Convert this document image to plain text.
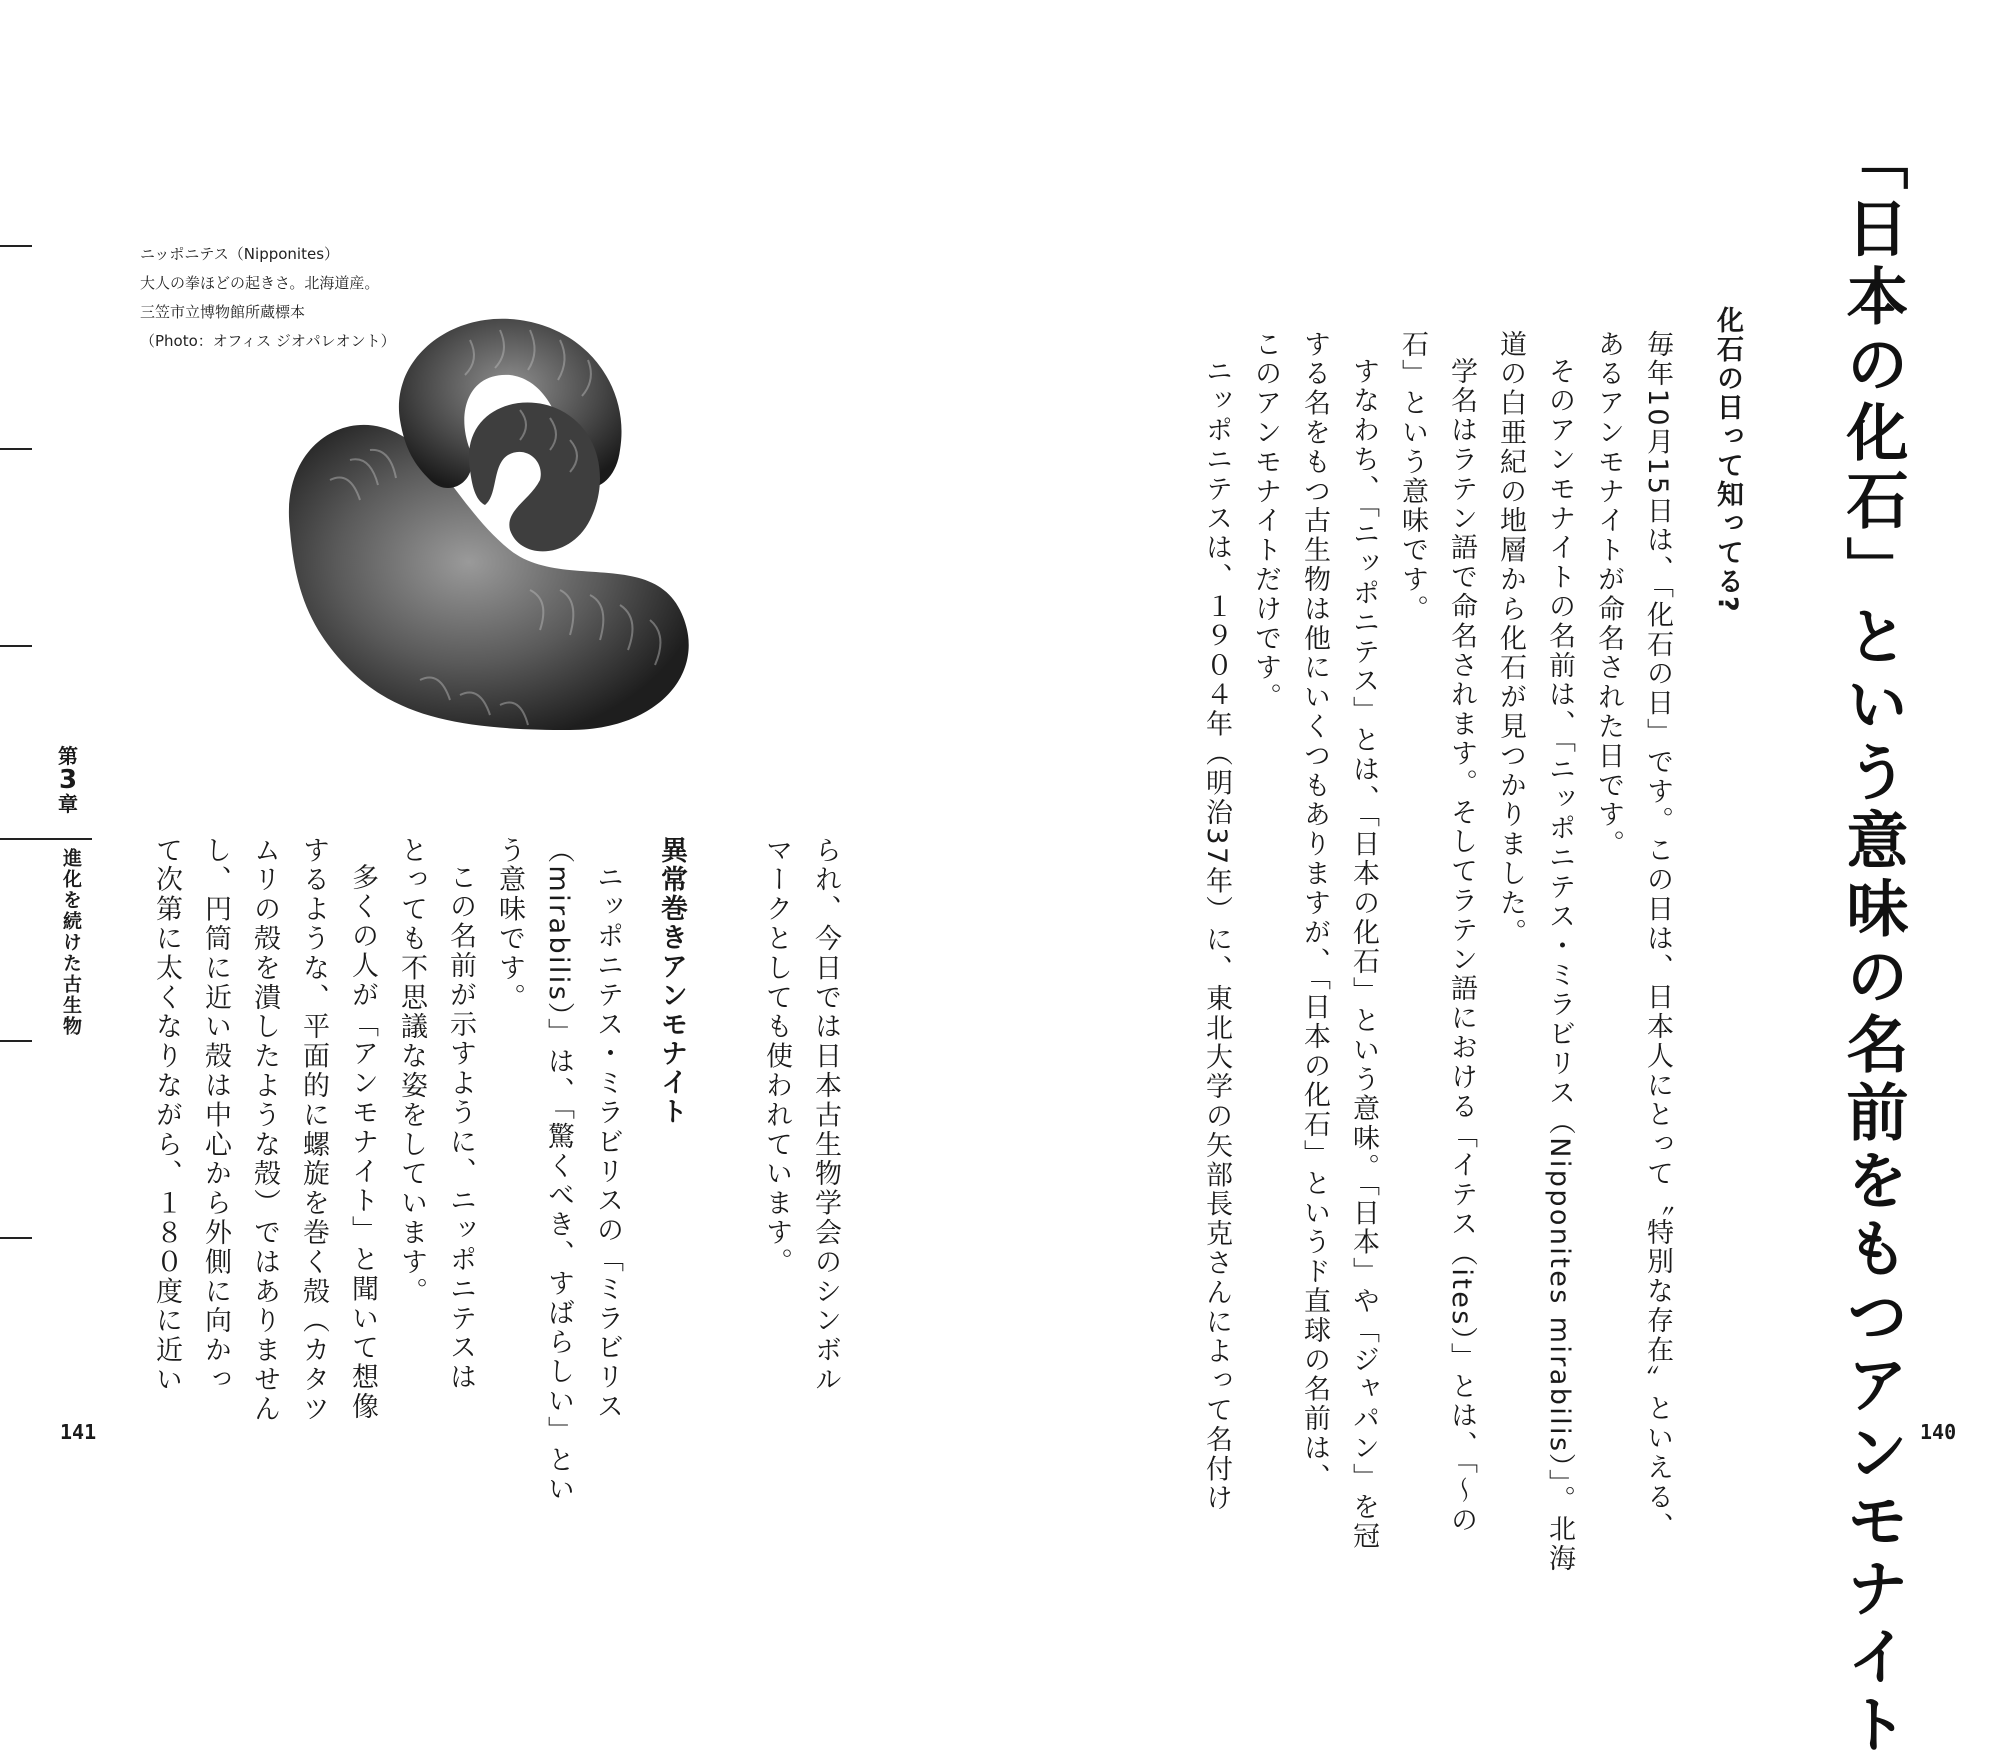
「日本の化石」という意味の名前をもつアンモナイト
化石の日って知ってる?
毎年10月15日は、「化石の日」です。この日は、日本人にとって〝特別な存在〟といえる、
あるアンモナイトが命名された日です。
そのアンモナイトの名前は、「ニッポニテス・ミラビリス（Nipponites mirabilis）」。北海
道の白亜紀の地層から化石が見つかりました。
学名はラテン語で命名されます。そしてラテン語における「イテス（ites）」とは、「〜の
石」という意味です。
すなわち、「ニッポニテス」とは、「日本の化石」という意味。「日本」や「ジャパン」を冠
する名をもつ古生物は他にいくつもありますが、「日本の化石」というド直球の名前は、
このアンモナイトだけです。
ニッポニテスは、１９０４年（明治37年）に、東北大学の矢部長克さんによって名付け
られ、今日では日本古生物学会のシンボル
マークとしても使われています。
異常巻きアンモナイト
ニッポニテス・ミラビリスの「ミラビリス
（mirabilis）」は、「驚くべき、すばらしい」とい
う意味です。
この名前が示すように、ニッポニテスは
とっても不思議な姿をしています。
多くの人が「アンモナイト」と聞いて想像
するような、平面的に螺旋を巻く殻（カタツ
ムリの殻を潰したような殻）ではありません
し、円筒に近い殻は中心から外側に向かっ
て次第に太くなりながら、１８０度に近い
ニッポニテス（Nipponites）
大人の拳ほどの起きさ。北海道産。
三笠市立博物館所蔵標本
（Photo：オフィス ジオパレオント）
第
3
章
進化を続けた古生物
141	140
